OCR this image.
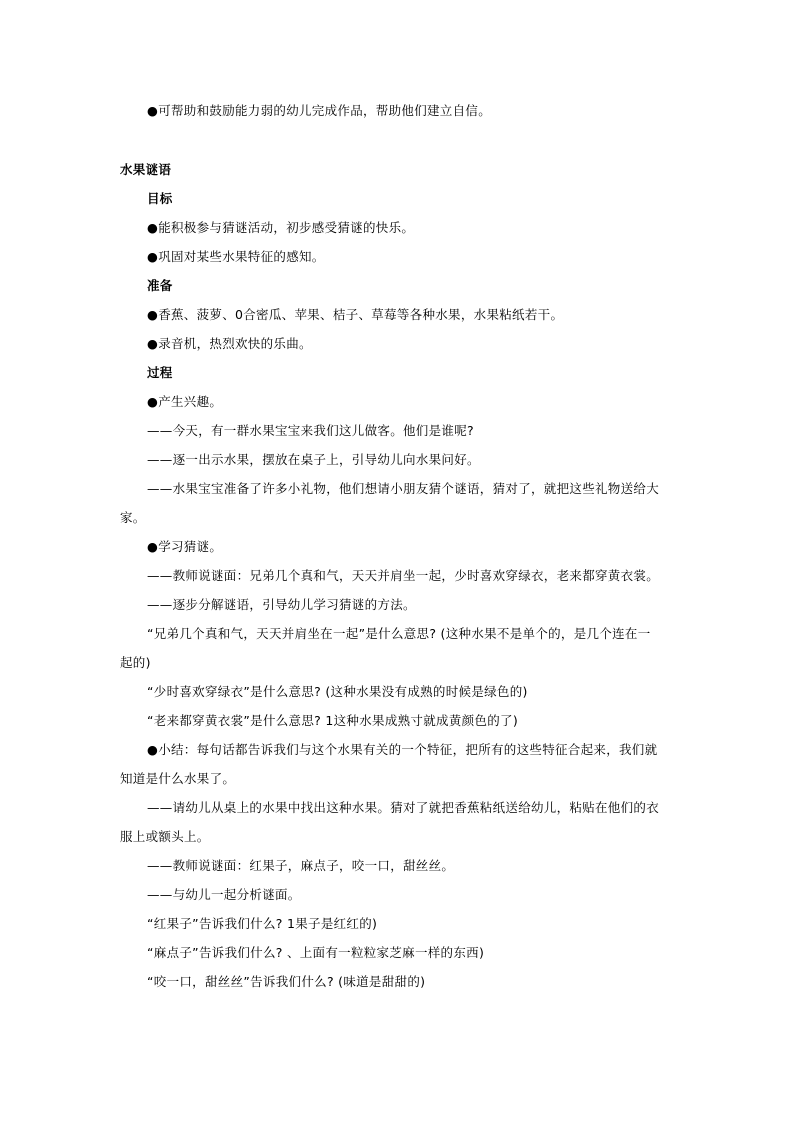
●可帮助和鼓励能力弱的幼儿完成作品，帮助他们建立自信。
水果谜语
目标
●能积极参与猜谜活动，初步感受猜谜的快乐。
●巩固对某些水果特征的感知。
准备
●香蕉、菠萝、0合密瓜、苹果、桔子、草莓等各种水果，水果粘纸若干。
●录音机，热烈欢快的乐曲。
过程
●产生兴趣。
——今天，有一群水果宝宝来我们这儿做客。他们是谁呢?
——逐一出示水果，摆放在桌子上，引导幼儿向水果问好。
——水果宝宝准备了许多小礼物，他们想请小朋友猜个谜语，猜对了，就把这些礼物送给大
家。
●学习猜谜。
——教师说谜面：兄弟几个真和气，天天并肩坐一起，少时喜欢穿绿衣，老来都穿黄衣裳。
——逐步分解谜语，引导幼儿学习猜谜的方法。
“兄弟几个真和气，天天并肩坐在一起”是什么意思? (这种水果不是单个的，是几个连在一
起的)
“少时喜欢穿绿衣”是什么意思? (这种水果没有成熟的时候是绿色的)
“老来都穿黄衣裳”是什么意思? 1这种水果成熟寸就成黄颜色的了)
●小结：每句话都告诉我们与这个水果有关的一个特征，把所有的这些特征合起来，我们就
知道是什么水果了。
——请幼儿从桌上的水果中找出这种水果。猜对了就把香蕉粘纸送给幼儿，粘贴在他们的衣
服上或额头上。
——教师说谜面：红果子，麻点子，咬一口，甜丝丝。
——与幼儿一起分析谜面。
“红果子”告诉我们什么? 1果子是红红的)
“麻点子”告诉我们什么? 、上面有一粒粒家芝麻一样的东西)
“咬一口，甜丝丝”告诉我们什么? (味道是甜甜的)
